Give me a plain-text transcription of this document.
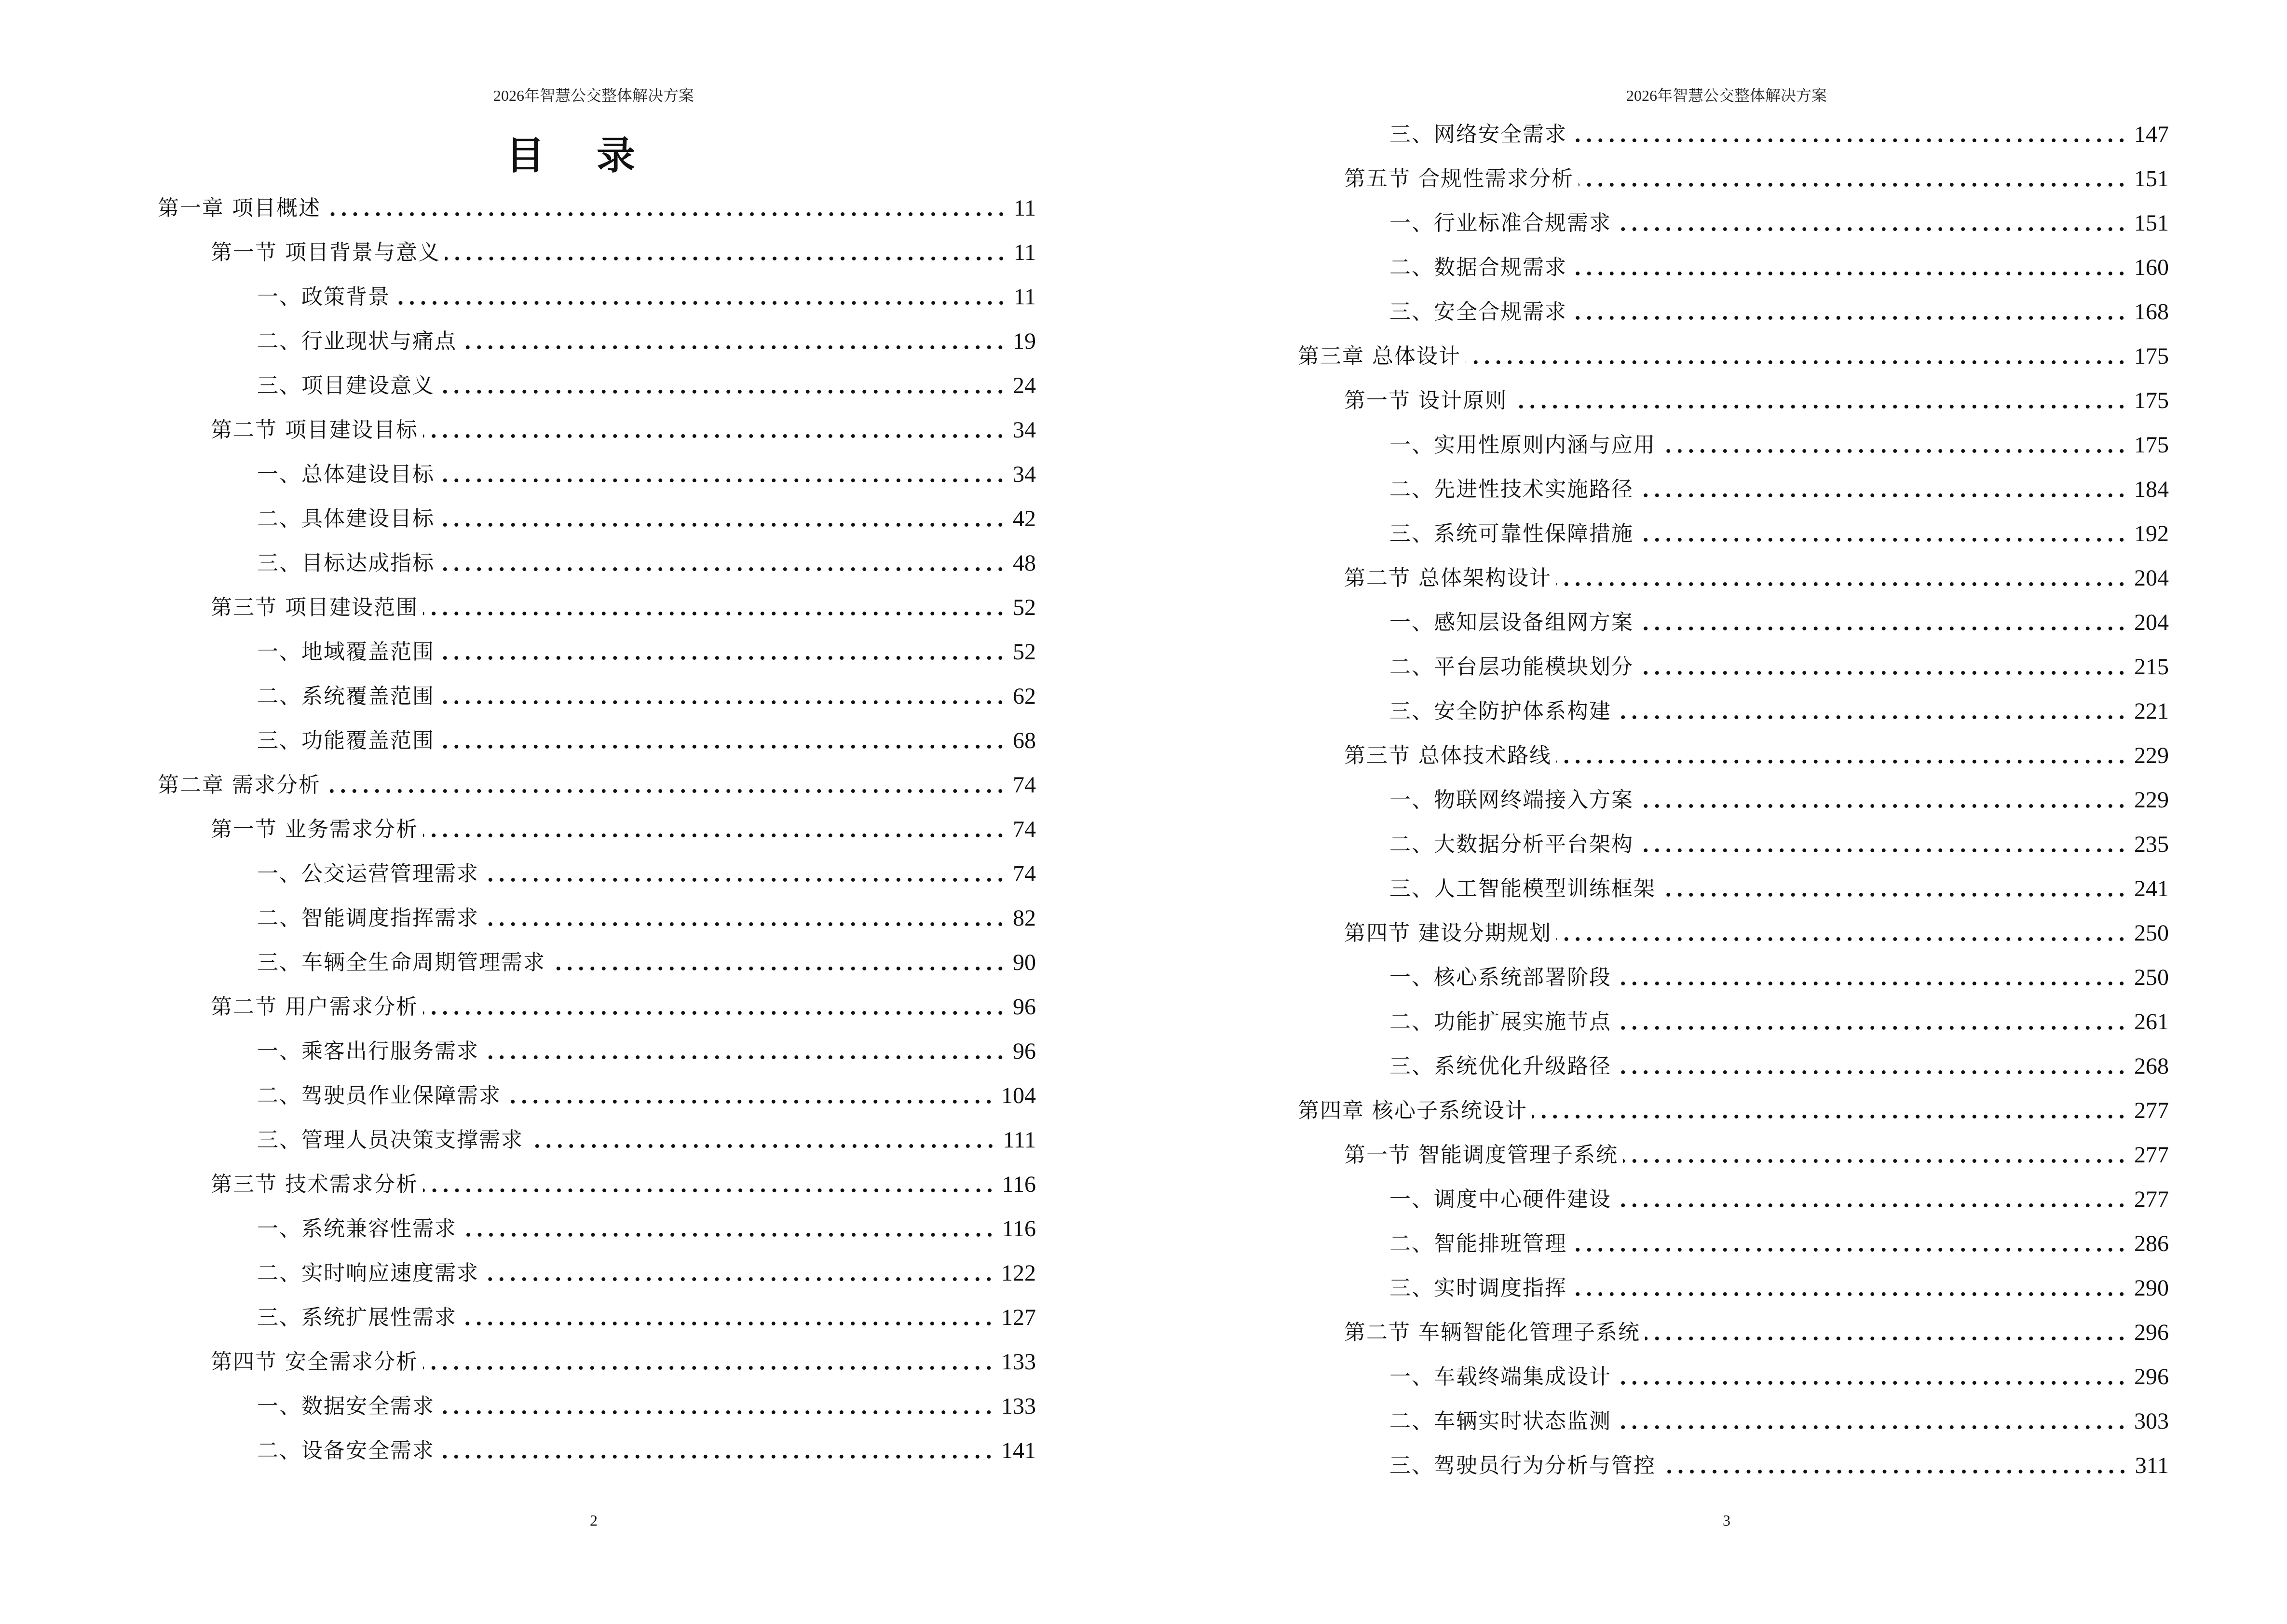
2026年智慧公交整体解决方案
目 录
第一章 项目概述	11
第一节 项目背景与意义	11
一、政策背景	11
二、行业现状与痛点	19
三、项目建设意义	24
第二节 项目建设目标	34
一、总体建设目标	34
二、具体建设目标	42
三、目标达成指标	48
第三节 项目建设范围	52
一、地域覆盖范围	52
二、系统覆盖范围	62
三、功能覆盖范围	68
第二章 需求分析	74
第一节 业务需求分析	74
一、公交运营管理需求	74
二、智能调度指挥需求	82
三、车辆全生命周期管理需求	90
第二节 用户需求分析	96
一、乘客出行服务需求	96
二、驾驶员作业保障需求	104
三、管理人员决策支撑需求	111
第三节 技术需求分析	116
一、系统兼容性需求	116
二、实时响应速度需求	122
三、系统扩展性需求	127
第四节 安全需求分析	133
一、数据安全需求	133
二、设备安全需求	141
2
2026年智慧公交整体解决方案
三、网络安全需求	147
第五节 合规性需求分析	151
一、行业标准合规需求	151
二、数据合规需求	160
三、安全合规需求	168
第三章 总体设计	175
第一节 设计原则	175
一、实用性原则内涵与应用	175
二、先进性技术实施路径	184
三、系统可靠性保障措施	192
第二节 总体架构设计	204
一、感知层设备组网方案	204
二、平台层功能模块划分	215
三、安全防护体系构建	221
第三节 总体技术路线	229
一、物联网终端接入方案	229
二、大数据分析平台架构	235
三、人工智能模型训练框架	241
第四节 建设分期规划	250
一、核心系统部署阶段	250
二、功能扩展实施节点	261
三、系统优化升级路径	268
第四章 核心子系统设计	277
第一节 智能调度管理子系统	277
一、调度中心硬件建设	277
二、智能排班管理	286
三、实时调度指挥	290
第二节 车辆智能化管理子系统	296
一、车载终端集成设计	296
二、车辆实时状态监测	303
三、驾驶员行为分析与管控	311
3
